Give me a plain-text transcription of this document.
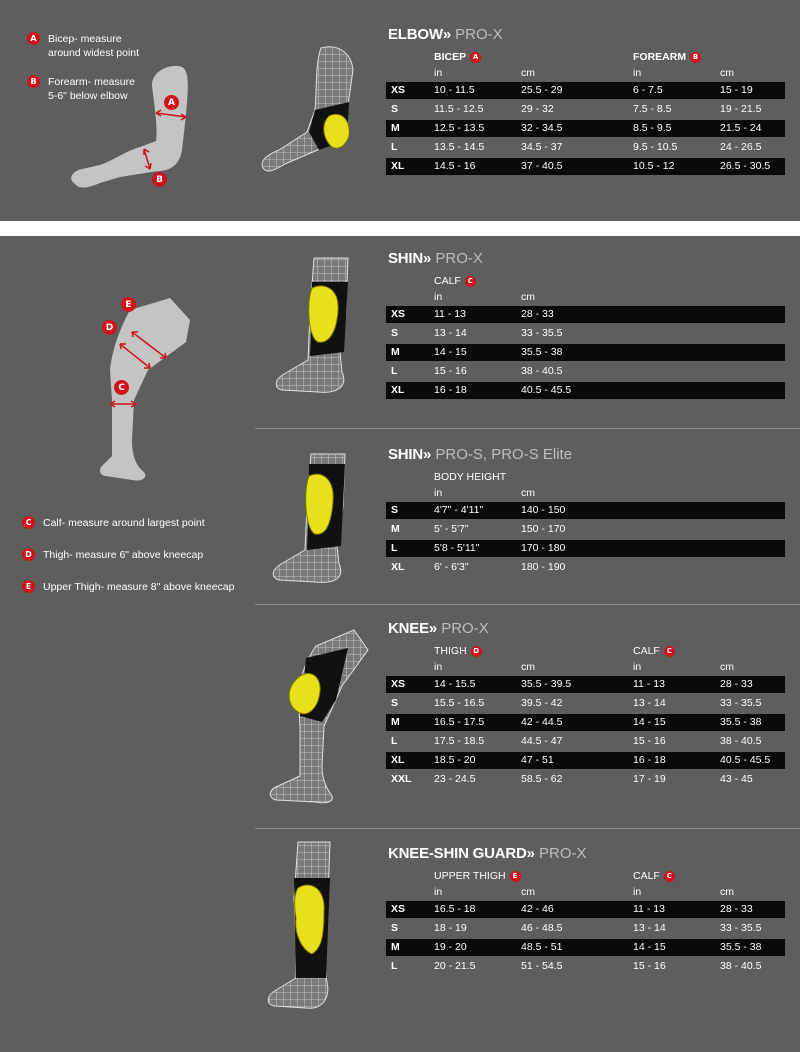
A	Bicep- measure
around widest point
B	Forearm- measure
5-6" below elbow
C	Calf- measure around largest point
D	Thigh- measure 6" above kneecap
E	Upper Thigh- measure 8" above kneecap
A
B
E
D
C
ELBOW» PRO-X
BICEP A	FOREARM B
in	cm	in	cm
XS	10 - 11.5	25.5 - 29	6 - 7.5	15 - 19
S	11.5 - 12.5	29 - 32	7.5 - 8.5	19 - 21.5
M	12.5 - 13.5	32 - 34.5	8.5 - 9.5	21.5 - 24
L	13.5 - 14.5	34.5 - 37	9.5 - 10.5	24 - 26.5
XL	14.5 - 16	37 - 40.5	10.5 - 12	26.5 - 30.5
SHIN» PRO-X
CALF C
in	cm
XS	11 - 13	28 - 33
S	13 - 14	33 - 35.5
M	14 - 15	35.5 - 38
L	15 - 16	38 - 40.5
XL	16 - 18	40.5 - 45.5
SHIN» PRO-S, PRO-S Elite
BODY HEIGHT
in	cm
S	4'7" - 4'11"	140 - 150
M	5' - 5'7"	150 - 170
L	5'8 - 5'11"	170 - 180
XL	6' - 6'3"	180 - 190
KNEE» PRO-X
THIGH D	CALF C
in	cm	in	cm
XS	14 - 15.5	35.5 - 39.5	11 - 13	28 - 33
S	15.5 - 16.5	39.5 - 42	13 - 14	33 - 35.5
M	16.5 - 17.5	42 - 44.5	14 - 15	35.5 - 38
L	17.5 - 18.5	44.5 - 47	15 - 16	38 - 40.5
XL	18.5 - 20	47 - 51	16 - 18	40.5 - 45.5
XXL 23 - 24.5	58.5 - 62	17 - 19	43 - 45
KNEE-SHIN GUARD» PRO-X
UPPER THIGH	E	CALF C
in	cm	in	cm
XS	16.5 - 18	42 - 46	11 - 13	28 - 33
S	18 - 19	46 - 48.5	13 - 14	33 - 35.5
M	19 - 20	48.5 - 51	14 - 15	35.5 - 38
L	20 - 21.5	51 - 54.5	15 - 16	38 - 40.5
